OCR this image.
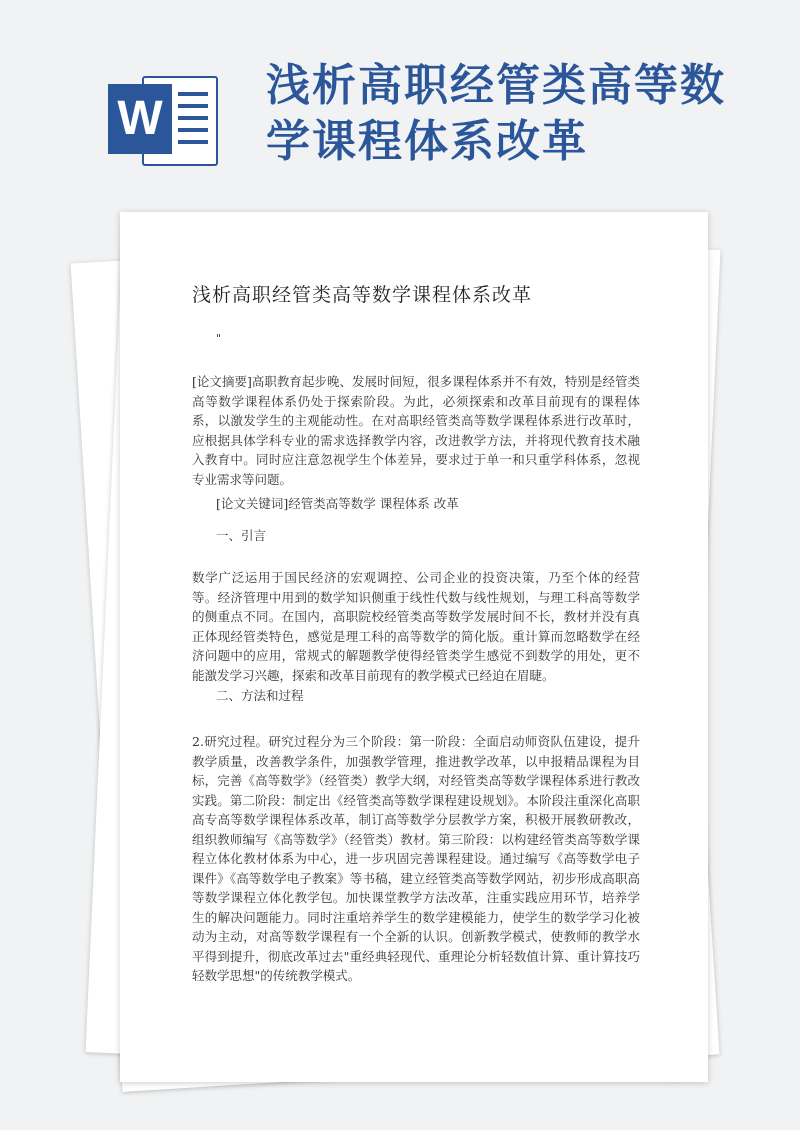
W
浅析高职经管类高等数学课程体系改革
浅析高职经管类高等数学课程体系改革
"

[论文摘要]高职教育起步晚、发展时间短，很多课程体系并不有效，特别是经管类高等数学课程体系仍处于探索阶段。为此，必须探索和改革目前现有的课程体系，以激发学生的主观能动性。在对高职经管类高等数学课程体系进行改革时，应根据具体学科专业的需求选择教学内容，改进教学方法，并将现代教育技术融入教育中。同时应注意忽视学生个体差异，要求过于单一和只重学科体系，忽视专业需求等问题。

[论文关键词]经管类高等数学 课程体系 改革

一、引言

数学广泛运用于国民经济的宏观调控、公司企业的投资决策，乃至个体的经营等。经济管理中用到的数学知识侧重于线性代数与线性规划，与理工科高等数学的侧重点不同。在国内，高职院校经管类高等数学发展时间不长，教材并没有真正体现经管类特色，感觉是理工科的高等数学的简化版。重计算而忽略数学在经济问题中的应用，常规式的解题教学使得经管类学生感觉不到数学的用处，更不能激发学习兴趣，探索和改革目前现有的教学模式已经迫在眉睫。

二、方法和过程

2.研究过程。研究过程分为三个阶段：第一阶段：全面启动师资队伍建设，提升教学质量，改善教学条件，加强教学管理，推进教学改革，以申报精品课程为目标，完善《高等数学》（经管类）教学大纲，对经管类高等数学课程体系进行教改实践。第二阶段：制定出《经管类高等数学课程建设规划》。本阶段注重深化高职高专高等数学课程体系改革，制订高等数学分层教学方案，积极开展教研教改，组织教师编写《高等数学》（经管类）教材。第三阶段：以构建经管类高等数学课程立体化教材体系为中心，进一步巩固完善课程建设。通过编写《高等数学电子课件》《高等数学电子教案》等书稿，建立经管类高等数学网站，初步形成高职高等数学课程立体化教学包。加快课堂教学方法改革，注重实践应用环节，培养学生的解决问题能力。同时注重培养学生的数学建模能力，使学生的数学学习化被动为主动，对高等数学课程有一个全新的认识。创新教学模式，使教师的教学水平得到提升，彻底改革过去"重经典轻现代、重理论分析轻数值计算、重计算技巧轻数学思想"的传统教学模式。
